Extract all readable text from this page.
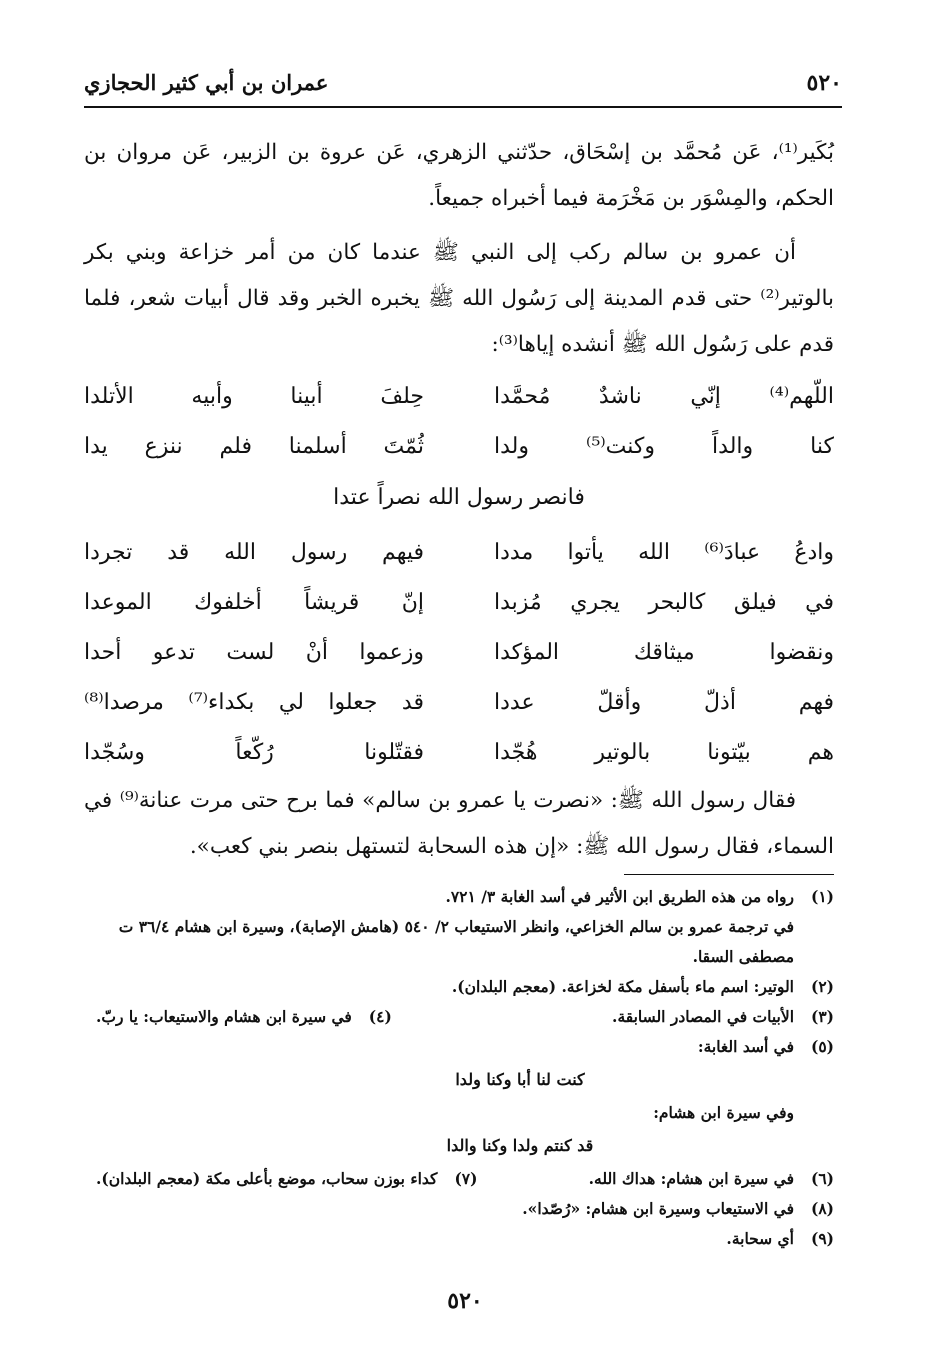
٥٢٠
عمران بن أبي كثير الحجازي

بُكَير⁽¹⁾، عَن مُحمَّد بن إسْحَاق، حدّثني الزهري، عَن عروة بن الزبير، عَن مروان بن الحكم، والمِسْوَر بن مَخْرَمة فيما أخبراه جميعاً.

أن عمرو بن سالم ركب إلى النبي ﷺ عندما كان من أمر خزاعة وبني بكر بالوتير⁽²⁾ حتى قدم المدينة إلى رَسُول الله ﷺ يخبره الخبر وقد قال أبيات شعر، فلما قدم على رَسُول الله ﷺ أنشده إياها⁽³⁾:

اللّهم⁽⁴⁾ إنّي ناشدٌ مُحمَّدا
حِلفَ أبينا وأبيه الأتلدا
كنا والداً وكنت⁽⁵⁾ ولدا
ثُمّتَ أسلمنا فلم ننزع يدا
فانصر رسول الله نصراً عتدا
وادعُ عبادَ⁽⁶⁾ الله يأتوا مددا
فيهم رسول الله قد تجردا
في فيلق كالبحر يجري مُزبدا
إنّ قريشاً أخلفوك الموعدا
ونقضوا ميثاقك المؤكدا
وزعموا أنْ لست تدعو أحدا
فهم أذلّ وأقلّ عددا
قد جعلوا لي بكداء⁽⁷⁾ مرصدا⁽⁸⁾
هم بيّتونا بالوتير هُجّدا
فقتّلونا رُكّعاً وسُجّدا

فقال رسول الله ﷺ: «نصرت يا عمرو بن سالم» فما برح حتى مرت عنانة⁽⁹⁾ في السماء، فقال رسول الله ﷺ: «إن هذه السحابة لتستهل بنصر بني كعب».

(١)
رواه من هذه الطريق ابن الأثير في أسد الغابة ٣/ ٧٢١.
في ترجمة عمرو بن سالم الخزاعي، وانظر الاستيعاب ٢/ ٥٤٠ (هامش الإصابة)، وسيرة ابن هشام ٣٦/٤ ت مصطفى السقا.
(٢)
الوتير: اسم ماء بأسفل مكة لخزاعة. (معجم البلدان).
(٣)
الأبيات في المصادر السابقة.
(٤)
في سيرة ابن هشام والاستيعاب: يا ربّ.
(٥)
في أسد الغابة:
كنت لنا أبا وكنا ولدا
وفي سيرة ابن هشام:
قد كنتم ولدا وكنا والدا
(٦)
في سيرة ابن هشام: هداك الله.
(٧)
كداء بوزن سحاب، موضع بأعلى مكة (معجم البلدان).
(٨)
في الاستيعاب وسيرة ابن هشام: «رُصّدا».
(٩)
أي سحابة.
٥٢٠
